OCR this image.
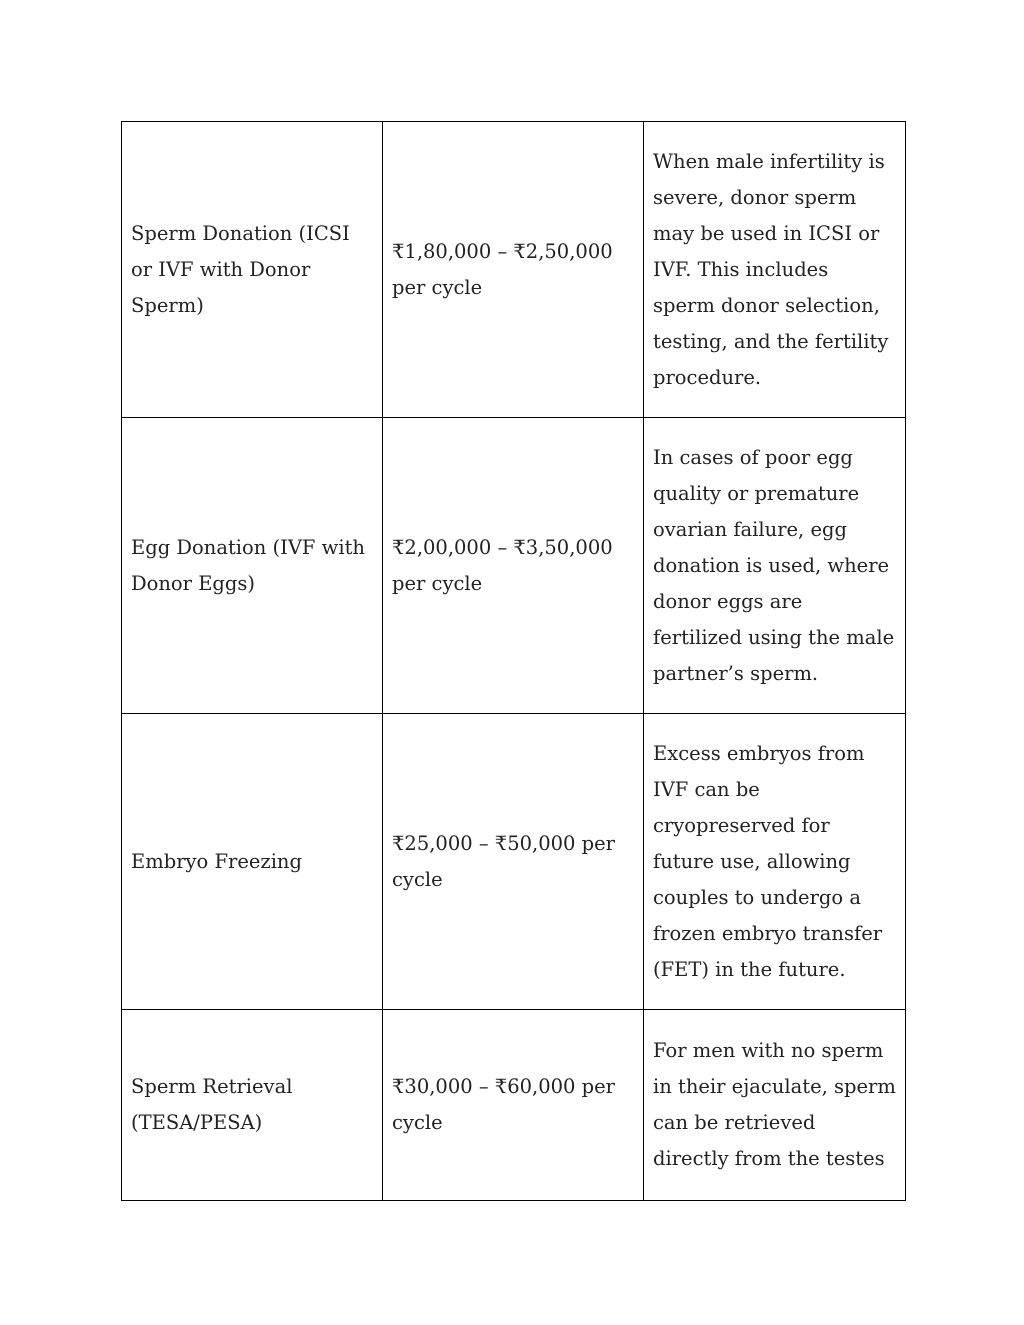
Sperm Donation (ICSI or IVF with Donor Sperm)	₹1,80,000 – ₹2,50,000 per cycle	When male infertility is severe, donor sperm may be used in ICSI or IVF. This includes sperm donor selection, testing, and the fertility procedure.

Egg Donation (IVF with Donor Eggs)	₹2,00,000 – ₹3,50,000 per cycle	In cases of poor egg quality or premature ovarian failure, egg donation is used, where donor eggs are fertilized using the male partner’s sperm.

Embryo Freezing	₹25,000 – ₹50,000 per cycle	Excess embryos from IVF can be cryopreserved for future use, allowing couples to undergo a frozen embryo transfer (FET) in the future.

Sperm Retrieval (TESA/PESA)	₹30,000 – ₹60,000 per cycle	For men with no sperm in their ejaculate, sperm can be retrieved directly from the testes
